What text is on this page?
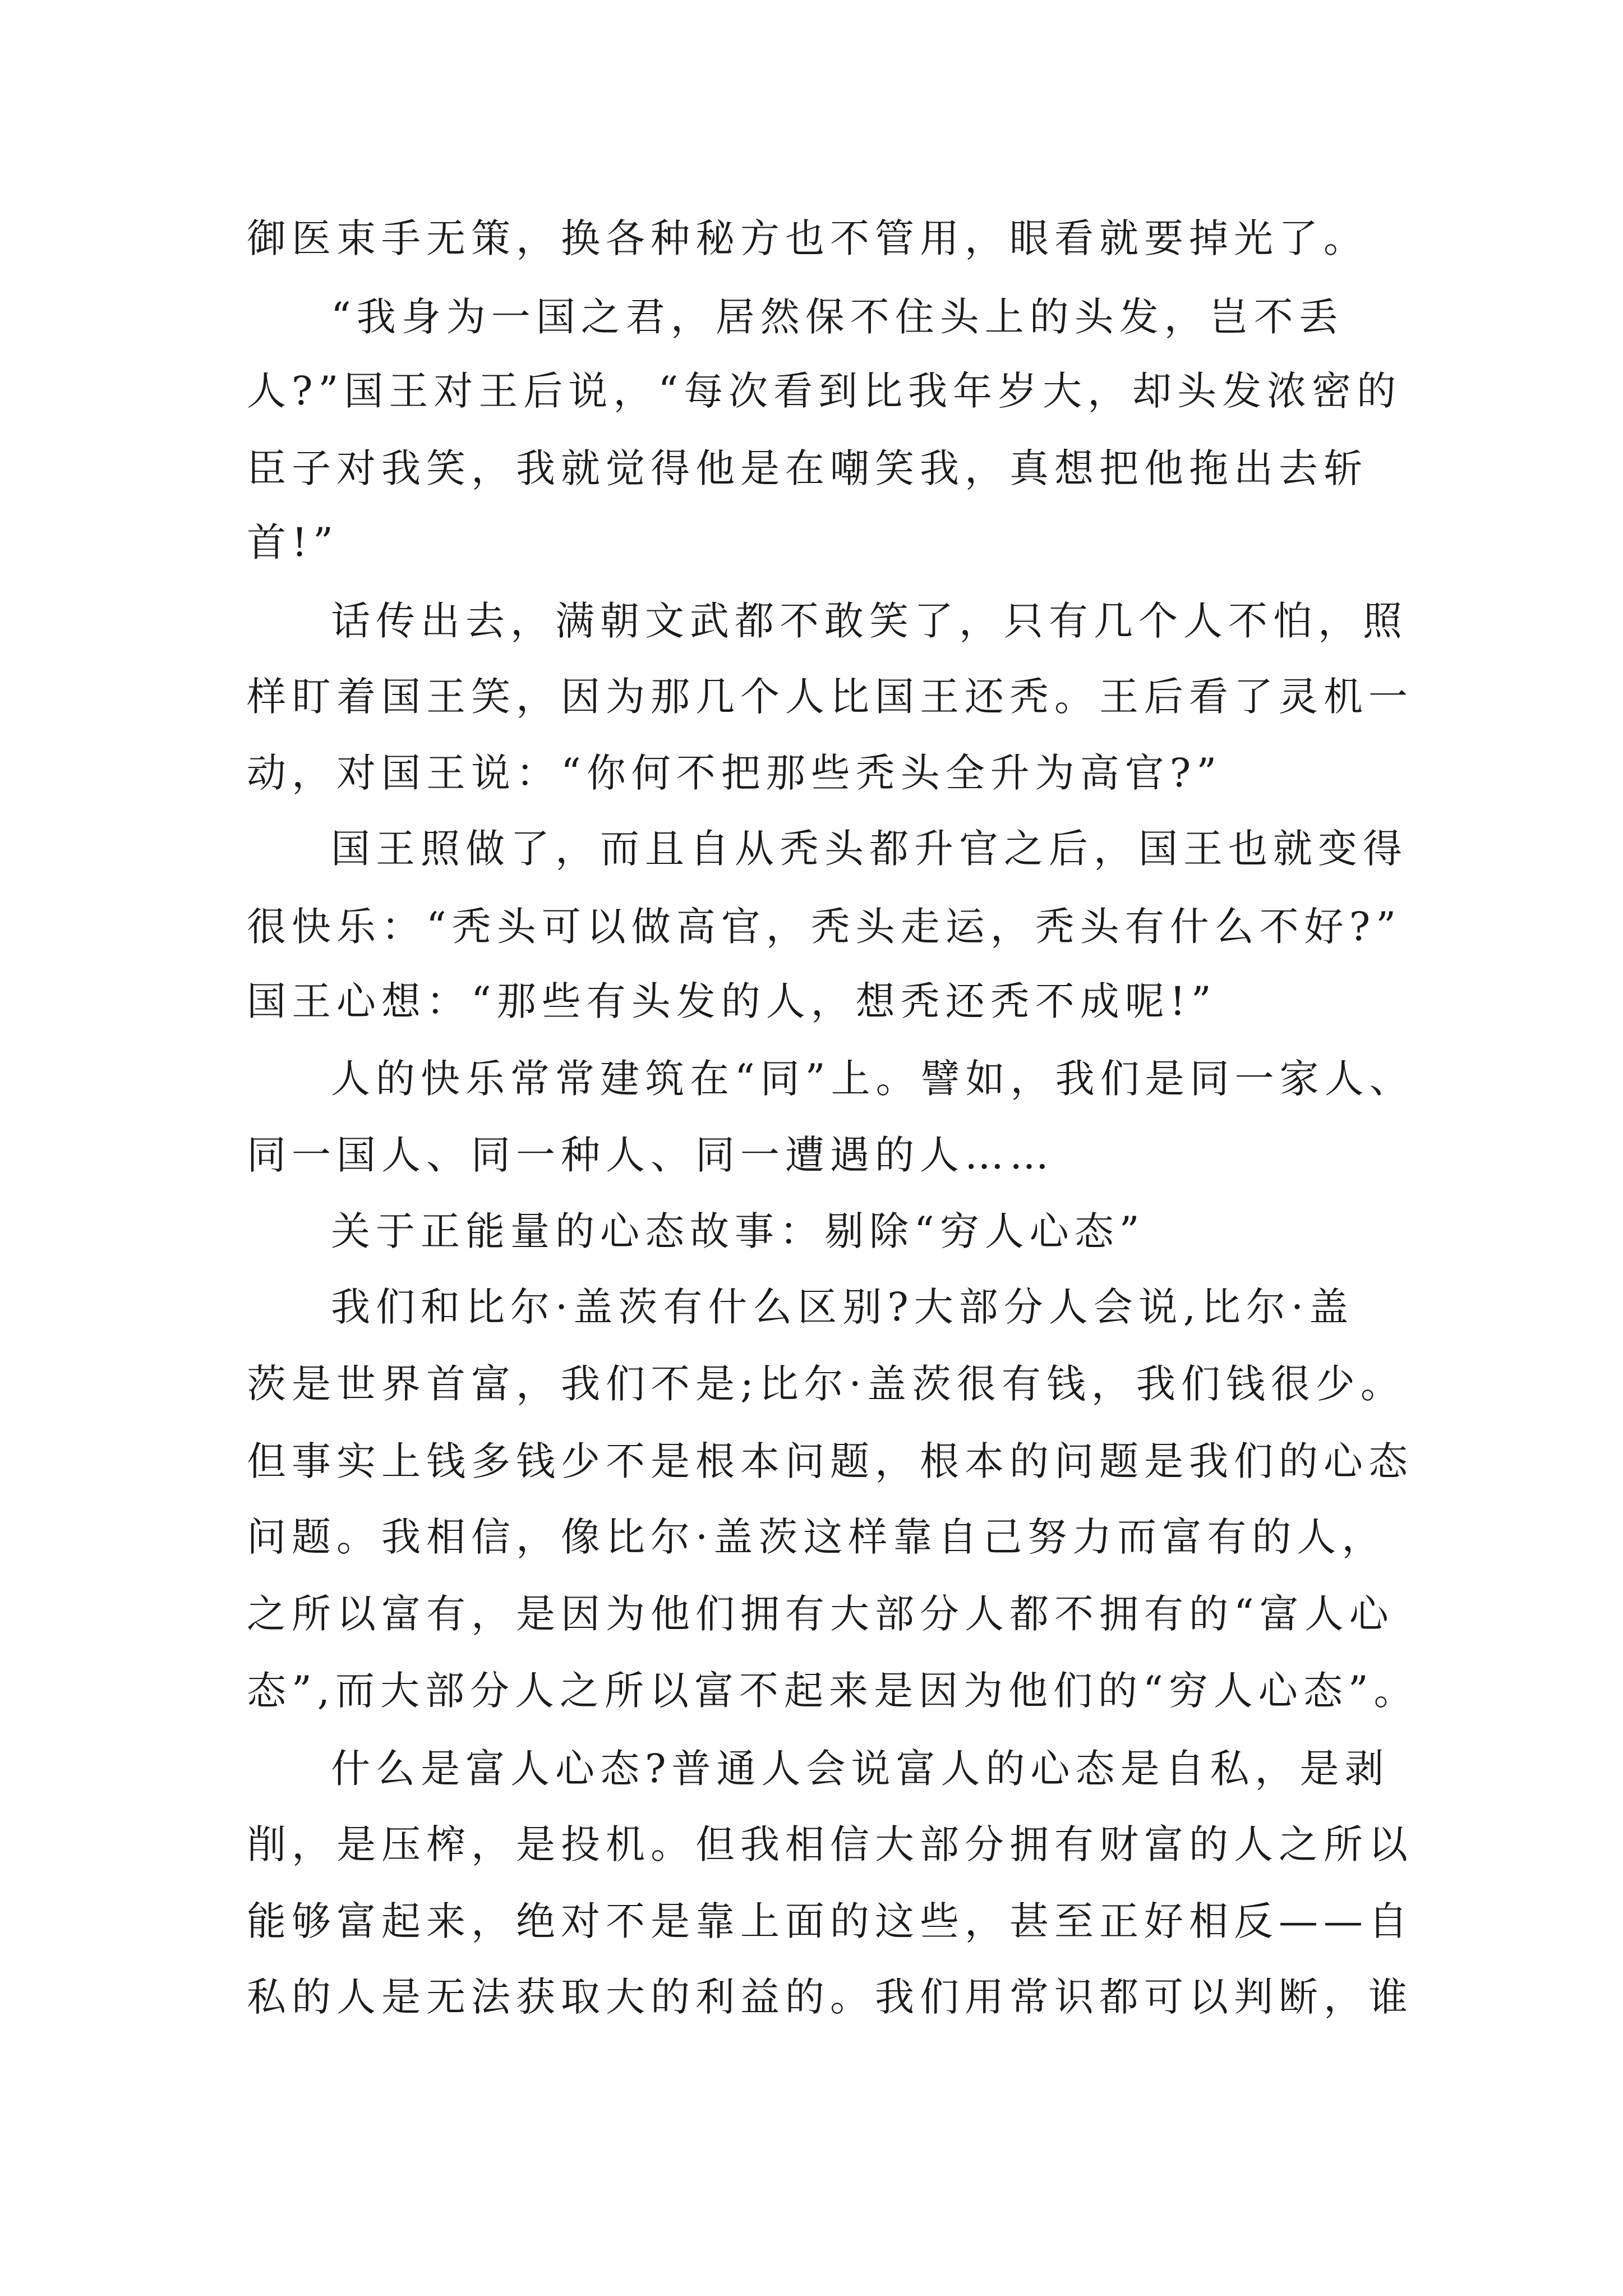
御医束手无策，换各种秘方也不管用，眼看就要掉光了。
“我身为一国之君，居然保不住头上的头发，岂不丢
人?”国王对王后说，“每次看到比我年岁大，却头发浓密的
臣子对我笑，我就觉得他是在嘲笑我，真想把他拖出去斩
首!”
话传出去，满朝文武都不敢笑了，只有几个人不怕，照
样盯着国王笑，因为那几个人比国王还秃。王后看了灵机一
动，对国王说：“你何不把那些秃头全升为高官?”
国王照做了，而且自从秃头都升官之后，国王也就变得
很快乐：“秃头可以做高官，秃头走运，秃头有什么不好?”
国王心想：“那些有头发的人，想秃还秃不成呢!”
人的快乐常常建筑在“同”上。譬如，我们是同一家人、
同一国人、同一种人、同一遭遇的人……
关于正能量的心态故事：剔除“穷人心态”
我们和比尔·盖茨有什么区别?大部分人会说,比尔·盖
茨是世界首富，我们不是;比尔·盖茨很有钱，我们钱很少。
但事实上钱多钱少不是根本问题，根本的问题是我们的心态
问题。我相信，像比尔·盖茨这样靠自己努力而富有的人，
之所以富有，是因为他们拥有大部分人都不拥有的“富人心
态”,而大部分人之所以富不起来是因为他们的“穷人心态”。
什么是富人心态?普通人会说富人的心态是自私，是剥
削，是压榨，是投机。但我相信大部分拥有财富的人之所以
能够富起来，绝对不是靠上面的这些，甚至正好相反——自
私的人是无法获取大的利益的。我们用常识都可以判断，谁
